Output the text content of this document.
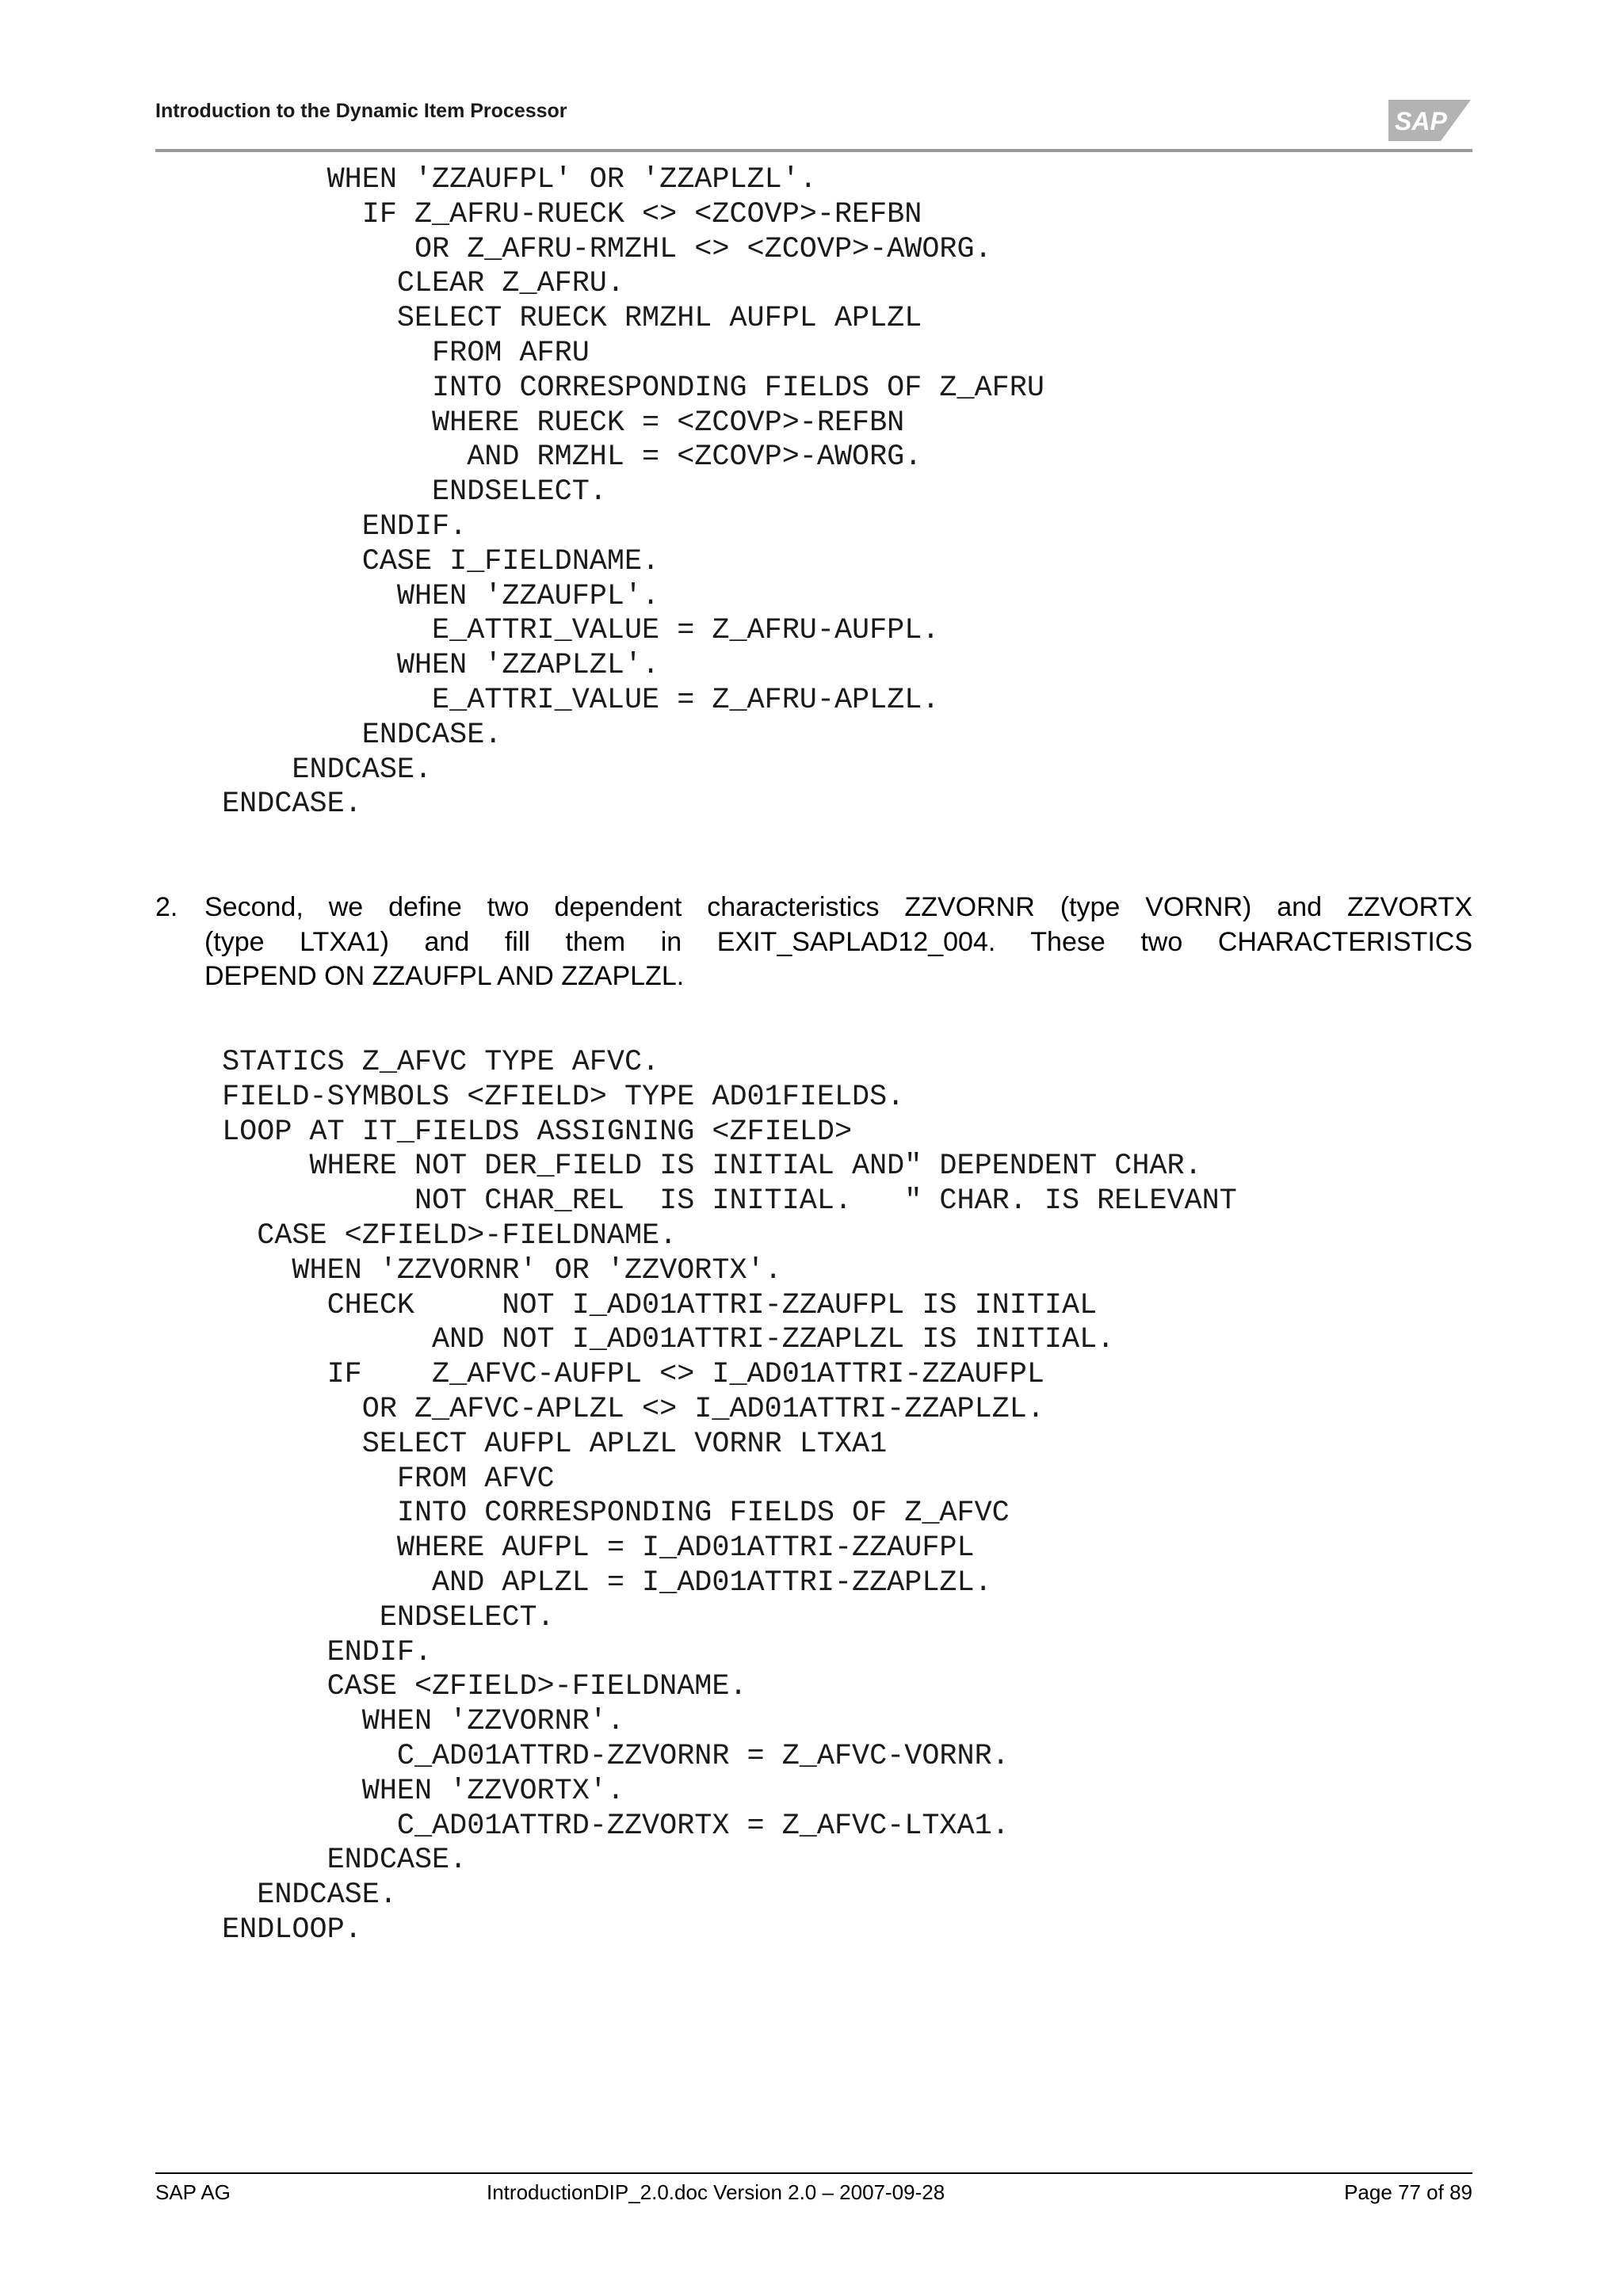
Introduction to the Dynamic Item Processor	SAP
WHEN 'ZZAUFPL' OR 'ZZAPLZL'.
IF Z_AFRU-RUECK <> <ZCOVP>-REFBN
OR Z_AFRU-RMZHL <> <ZCOVP>-AWORG.
CLEAR Z_AFRU.
SELECT RUECK RMZHL AUFPL APLZL
FROM AFRU
INTO CORRESPONDING FIELDS OF Z_AFRU
WHERE RUECK = <ZCOVP>-REFBN
AND RMZHL = <ZCOVP>-AWORG.
ENDSELECT.
ENDIF.
CASE I_FIELDNAME.
WHEN 'ZZAUFPL'.
E_ATTRI_VALUE = Z_AFRU-AUFPL.
WHEN 'ZZAPLZL'.
E_ATTRI_VALUE = Z_AFRU-APLZL.
ENDCASE.
ENDCASE.
ENDCASE.
2. Second, we define two dependent characteristics ZZVORNR (type VORNR) and ZZVORTX
(type LTXA1) and fill them in EXIT_SAPLAD12_004. These two CHARACTERISTICS
DEPEND ON ZZAUFPL AND ZZAPLZL.
STATICS Z_AFVC TYPE AFVC.
FIELD-SYMBOLS <ZFIELD> TYPE AD01FIELDS.
LOOP AT IT_FIELDS ASSIGNING <ZFIELD>
WHERE NOT DER_FIELD IS INITIAL AND" DEPENDENT CHAR.
NOT CHAR_REL  IS INITIAL.   " CHAR. IS RELEVANT
CASE <ZFIELD>-FIELDNAME.
WHEN 'ZZVORNR' OR 'ZZVORTX'.
CHECK     NOT I_AD01ATTRI-ZZAUFPL IS INITIAL
AND NOT I_AD01ATTRI-ZZAPLZL IS INITIAL.
IF    Z_AFVC-AUFPL <> I_AD01ATTRI-ZZAUFPL
OR Z_AFVC-APLZL <> I_AD01ATTRI-ZZAPLZL.
SELECT AUFPL APLZL VORNR LTXA1
FROM AFVC
INTO CORRESPONDING FIELDS OF Z_AFVC
WHERE AUFPL = I_AD01ATTRI-ZZAUFPL
AND APLZL = I_AD01ATTRI-ZZAPLZL.
ENDSELECT.
ENDIF.
CASE <ZFIELD>-FIELDNAME.
WHEN 'ZZVORNR'.
C_AD01ATTRD-ZZVORNR = Z_AFVC-VORNR.
WHEN 'ZZVORTX'.
C_AD01ATTRD-ZZVORTX = Z_AFVC-LTXA1.
ENDCASE.
ENDCASE.
ENDLOOP.
SAP AG	IntroductionDIP_2.0.doc Version 2.0 – 2007-09-28	Page 77 of 89
